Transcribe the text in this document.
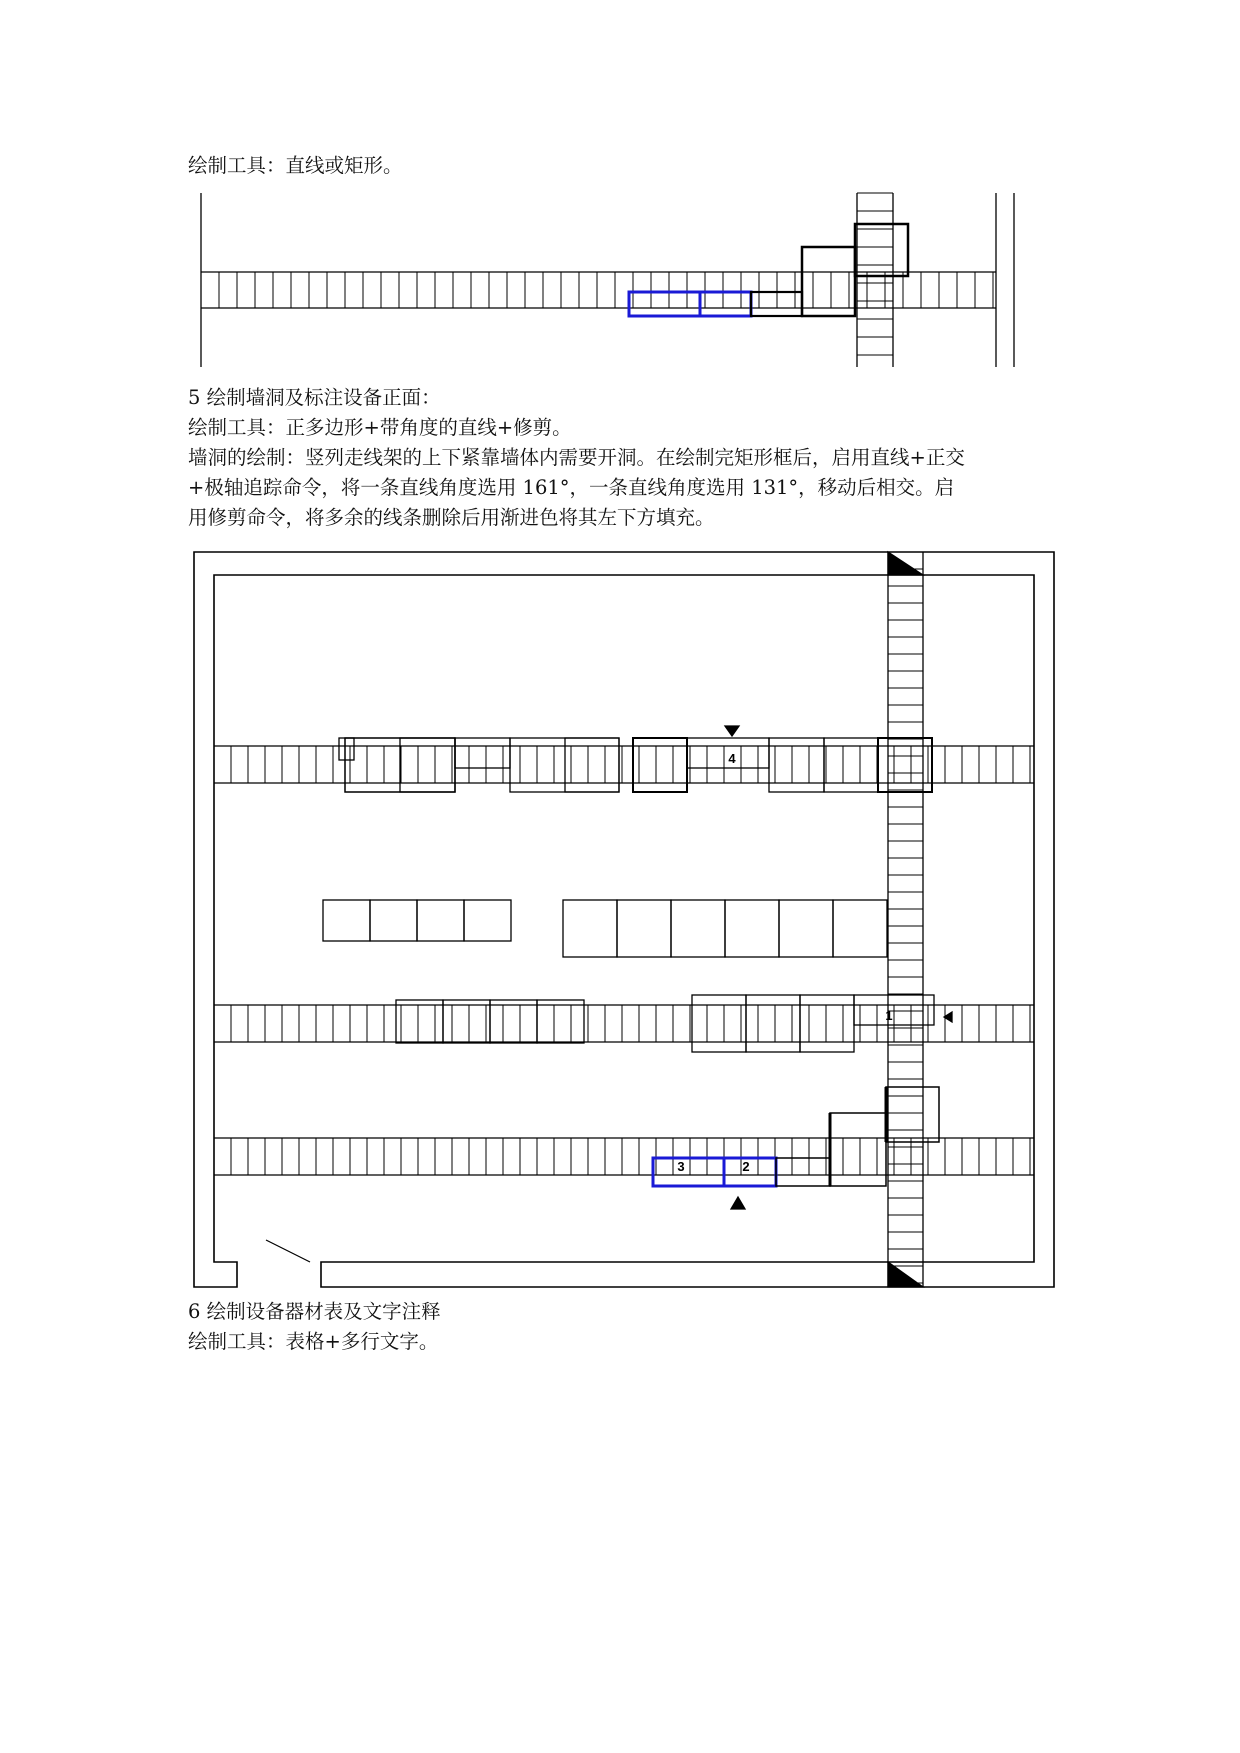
绘制工具：直线或矩形。
5 绘制墙洞及标注设备正面：
绘制工具：正多边形+带角度的直线+修剪。
墙洞的绘制：竖列走线架的上下紧靠墙体内需要开洞。在绘制完矩形框后，启用直线+正交
+极轴追踪命令，将一条直线角度选用 161°，一条直线角度选用 131°，移动后相交。启
用修剪命令，将多余的线条删除后用渐进色将其左下方填充。
4
1
3	2
6 绘制设备器材表及文字注释
绘制工具：表格+多行文字。
